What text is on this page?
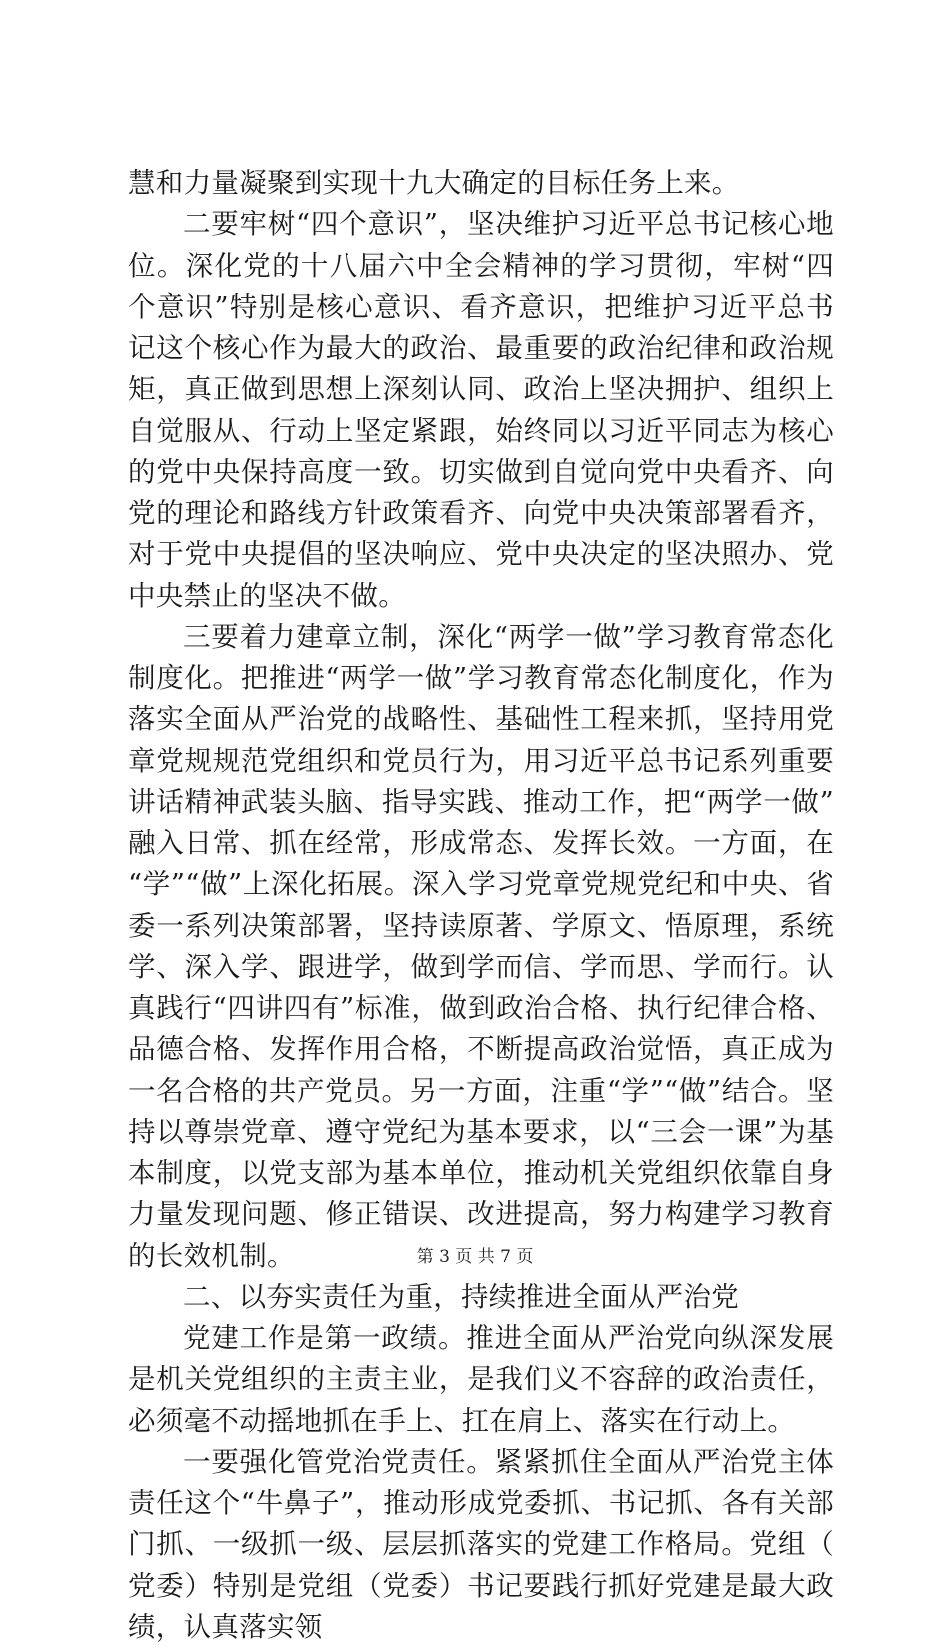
慧和力量凝聚到实现十九大确定的目标任务上来。

二要牢树“四个意识”，坚决维护习近平总书记核心地位。深化党的十八届六中全会精神的学习贯彻，牢树“四个意识”特别是核心意识、看齐意识，把维护习近平总书记这个核心作为最大的政治、最重要的政治纪律和政治规矩，真正做到思想上深刻认同、政治上坚决拥护、组织上自觉服从、行动上坚定紧跟，始终同以习近平同志为核心的党中央保持高度一致。切实做到自觉向党中央看齐、向党的理论和路线方针政策看齐、向党中央决策部署看齐，对于党中央提倡的坚决响应、党中央决定的坚决照办、党中央禁止的坚决不做。

三要着力建章立制，深化“两学一做”学习教育常态化制度化。把推进“两学一做”学习教育常态化制度化，作为落实全面从严治党的战略性、基础性工程来抓，坚持用党章党规规范党组织和党员行为，用习近平总书记系列重要讲话精神武装头脑、指导实践、推动工作，把“两学一做”融入日常、抓在经常，形成常态、发挥长效。一方面，在“学”“做”上深化拓展。深入学习党章党规党纪和中央、省委一系列决策部署，坚持读原著、学原文、悟原理，系统学、深入学、跟进学，做到学而信、学而思、学而行。认真践行“四讲四有”标准，做到政治合格、执行纪律合格、品德合格、发挥作用合格，不断提高政治觉悟，真正成为一名合格的共产党员。另一方面，注重“学”“做”结合。坚持以尊崇党章、遵守党纪为基本要求，以“三会一课”为基本制度，以党支部为基本单位，推动机关党组织依靠自身力量发现问题、修正错误、改进提高，努力构建学习教育的长效机制。

二、以夯实责任为重，持续推进全面从严治党

党建工作是第一政绩。推进全面从严治党向纵深发展是机关党组织的主责主业，是我们义不容辞的政治责任，必须毫不动摇地抓在手上、扛在肩上、落实在行动上。

一要强化管党治党责任。紧紧抓住全面从严治党主体责任这个“牛鼻子”，推动形成党委抓、书记抓、各有关部门抓、一级抓一级、层层抓落实的党建工作格局。党组（党委）特别是党组（党委）书记要践行抓好党建是最大政绩，认真落实领

第 3 页 共 7 页
